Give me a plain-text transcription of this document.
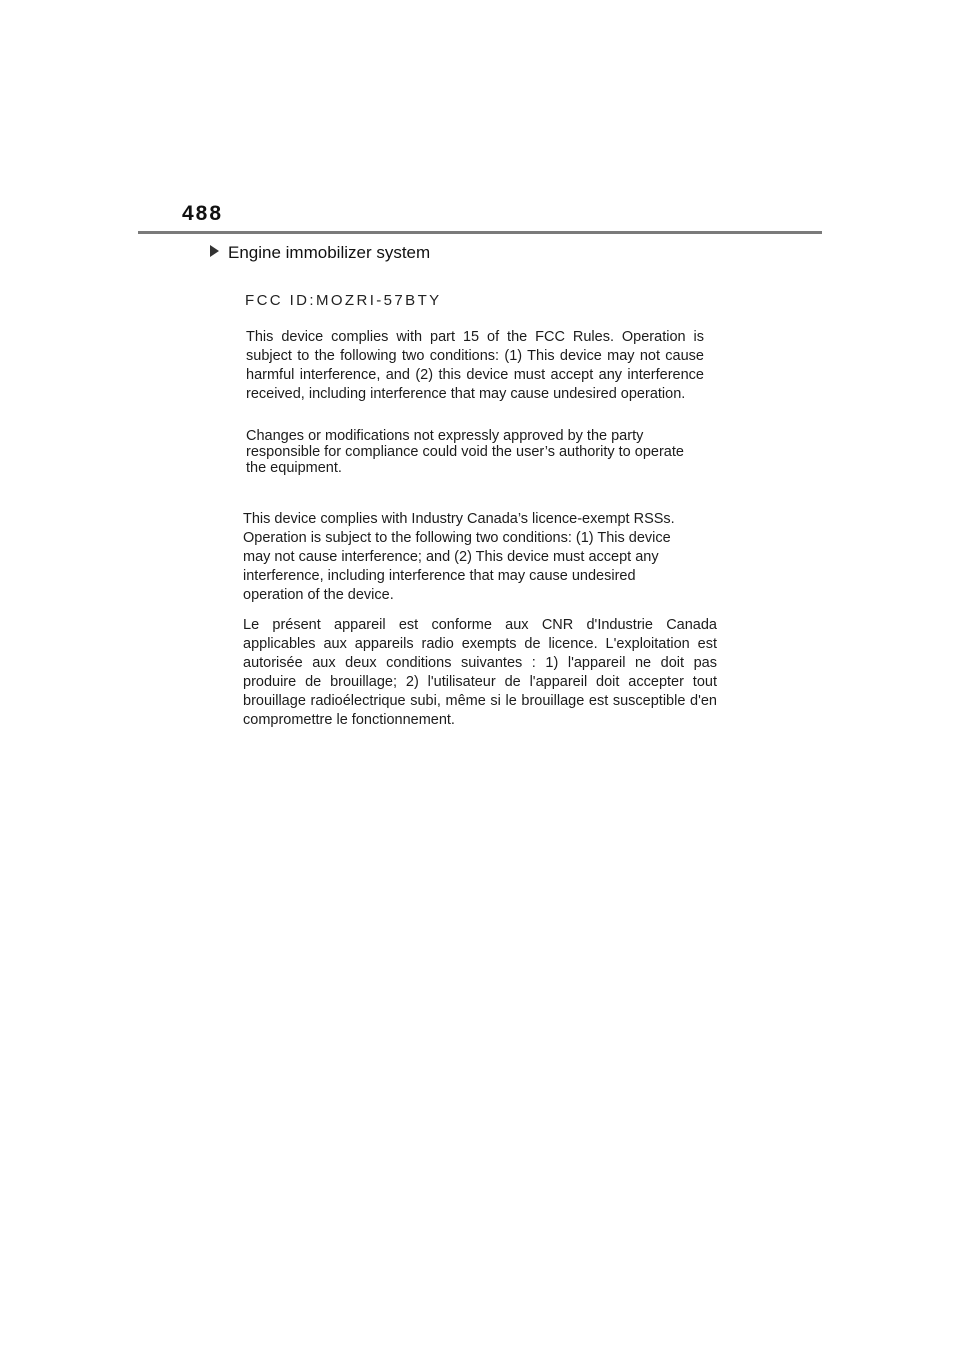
488
Engine immobilizer system
FCC ID:MOZRI-57BTY
This device complies with part 15 of the FCC Rules. Operation is
subject to the following two conditions: (1) This device may not cause
harmful interference, and (2) this device must accept any interference
received, including interference that may cause undesired operation.
Changes or modifications not expressly approved by the party
responsible for compliance could void the user’s authority to operate
the equipment.
This device complies with Industry Canada’s licence-exempt RSSs.
Operation is subject to the following two conditions: (1) This device
may not cause interference; and (2) This device must accept any
interference, including interference that may cause undesired
operation of the device.
Le présent appareil est conforme aux CNR d'Industrie Canada
applicables aux appareils radio exempts de licence. L'exploitation est
autorisée aux deux conditions suivantes : 1) l'appareil ne doit pas
produire de brouillage; 2) l'utilisateur de l'appareil doit accepter tout
brouillage radioélectrique subi, même si le brouillage est susceptible d'en
compromettre le fonctionnement.
